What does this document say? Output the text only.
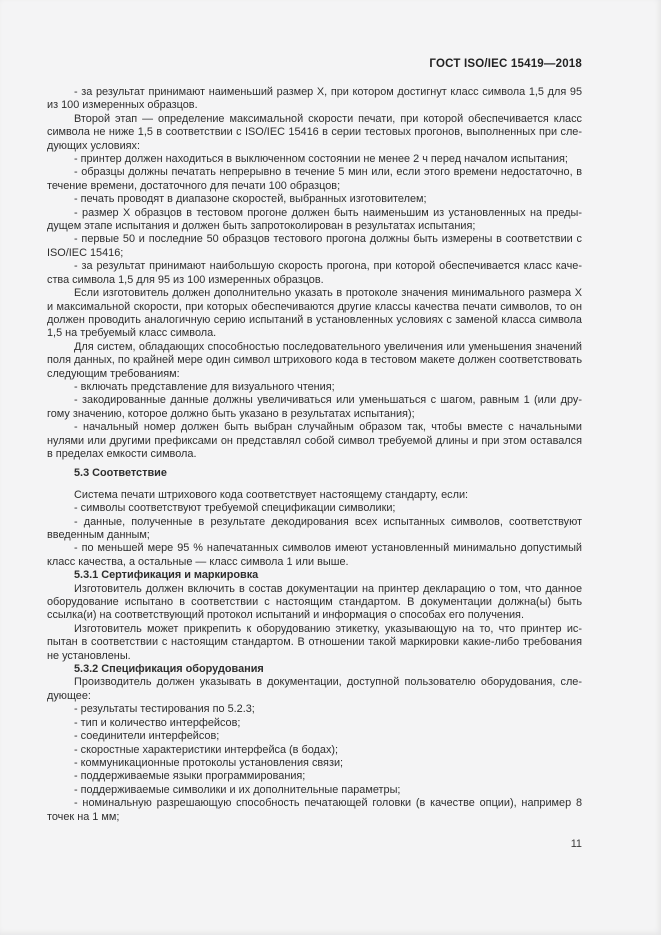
ГОСТ ISO/IEC 15419—2018

- за результат принимают наименьший размер X, при котором достигнут класс символа 1,5 для 95 из 100 измеренных образцов.

Второй этап — определение максимальной скорости печати, при которой обеспечивается класс символа не ниже 1,5 в соответствии с ISO/IEC 15416 в серии тестовых прогонов, выполненных при следующих условиях:

- принтер должен находиться в выключенном состоянии не менее 2 ч перед началом испытания;

- образцы должны печатать непрерывно в течение 5 мин или, если этого времени недостаточно, в течение времени, достаточного для печати 100 образцов;

- печать проводят в диапазоне скоростей, выбранных изготовителем;

- размер X образцов в тестовом прогоне должен быть наименьшим из установленных на предыдущем этапе испытания и должен быть запротоколирован в результатах испытания;

- первые 50 и последние 50 образцов тестового прогона должны быть измерены в соответствии с ISO/IEC 15416;

- за результат принимают наибольшую скорость прогона, при которой обеспечивается класс качества символа 1,5 для 95 из 100 измеренных образцов.

Если изготовитель должен дополнительно указать в протоколе значения минимального размера X и максимальной скорости, при которых обеспечиваются другие классы качества печати символов, то он должен проводить аналогичную серию испытаний в установленных условиях с заменой класса символа 1,5 на требуемый класс символа.

Для систем, обладающих способностью последовательного увеличения или уменьшения значений поля данных, по крайней мере один символ штрихового кода в тестовом макете должен соответствовать следующим требованиям:

- включать представление для визуального чтения;

- закодированные данные должны увеличиваться или уменьшаться с шагом, равным 1 (или другому значению, которое должно быть указано в результатах испытания);

- начальный номер должен быть выбран случайным образом так, чтобы вместе с начальными нулями или другими префиксами он представлял собой символ требуемой длины и при этом оставался в пределах емкости символа.

5.3 Соответствие

Система печати штрихового кода соответствует настоящему стандарту, если:

- символы соответствуют требуемой спецификации символики;

- данные, полученные в результате декодирования всех испытанных символов, соответствуют введенным данным;

- по меньшей мере 95 % напечатанных символов имеют установленный минимально допустимый класс качества, а остальные — класс символа 1 или выше.

5.3.1 Сертификация и маркировка

Изготовитель должен включить в состав документации на принтер декларацию о том, что данное оборудование испытано в соответствии с настоящим стандартом. В документации должна(ы) быть ссылка(и) на соответствующий протокол испытаний и информация о способах его получения.

Изготовитель может прикрепить к оборудованию этикетку, указывающую на то, что принтер испытан в соответствии с настоящим стандартом. В отношении такой маркировки какие-либо требования не установлены.

5.3.2 Спецификация оборудования

Производитель должен указывать в документации, доступной пользователю оборудования, следующее:

- результаты тестирования по 5.2.3;

- тип и количество интерфейсов;

- соединители интерфейсов;

- скоростные характеристики интерфейса (в бодах);

- коммуникационные протоколы установления связи;

- поддерживаемые языки программирования;

- поддерживаемые символики и их дополнительные параметры;

- номинальную разрешающую способность печатающей головки (в качестве опции), например 8 точек на 1 мм;

11
